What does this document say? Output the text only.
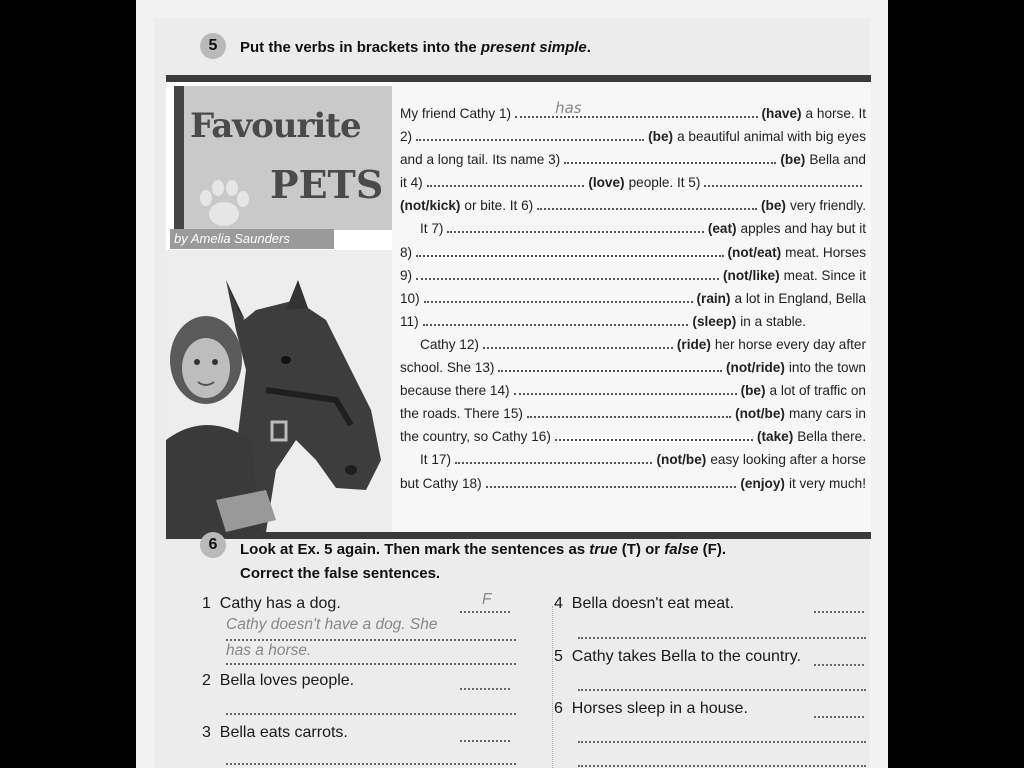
5	Put the verbs in brackets into the present simple.
Favourite
PETS
by Amelia Saunders
My friend Cathy 1)	has	(have) a horse. It
2)	(be) a beautiful animal with big eyes
and a long tail. Its name 3)	(be) Bella and
it 4)	(love) people. It 5)
(not/kick) or bite. It 6)	(be) very friendly.
It 7)	(eat) apples and hay but it
8)	(not/eat) meat. Horses
9)	(not/like) meat. Since it
10)	(rain) a lot in England, Bella
11)	(sleep) in a stable.
Cathy 12)	(ride) her horse every day after
school. She 13)	(not/ride) into the town
because there 14)	(be) a lot of traffic on
the roads. There 15)	(not/be) many cars in
the country, so Cathy 16)	(take) Bella there.
It 17)	(not/be) easy looking after a horse
but Cathy 18)	(enjoy) it very much!
6	Look at Ex. 5 again. Then mark the sentences as true (T) or false (F).
Correct the false sentences.
1 Cathy has a dog.	F
Cathy doesn't have a dog. She
has a horse.
2 Bella loves people.
3 Bella eats carrots.
4 Bella doesn't eat meat.
5 Cathy takes Bella to the country.
6 Horses sleep in a house.
